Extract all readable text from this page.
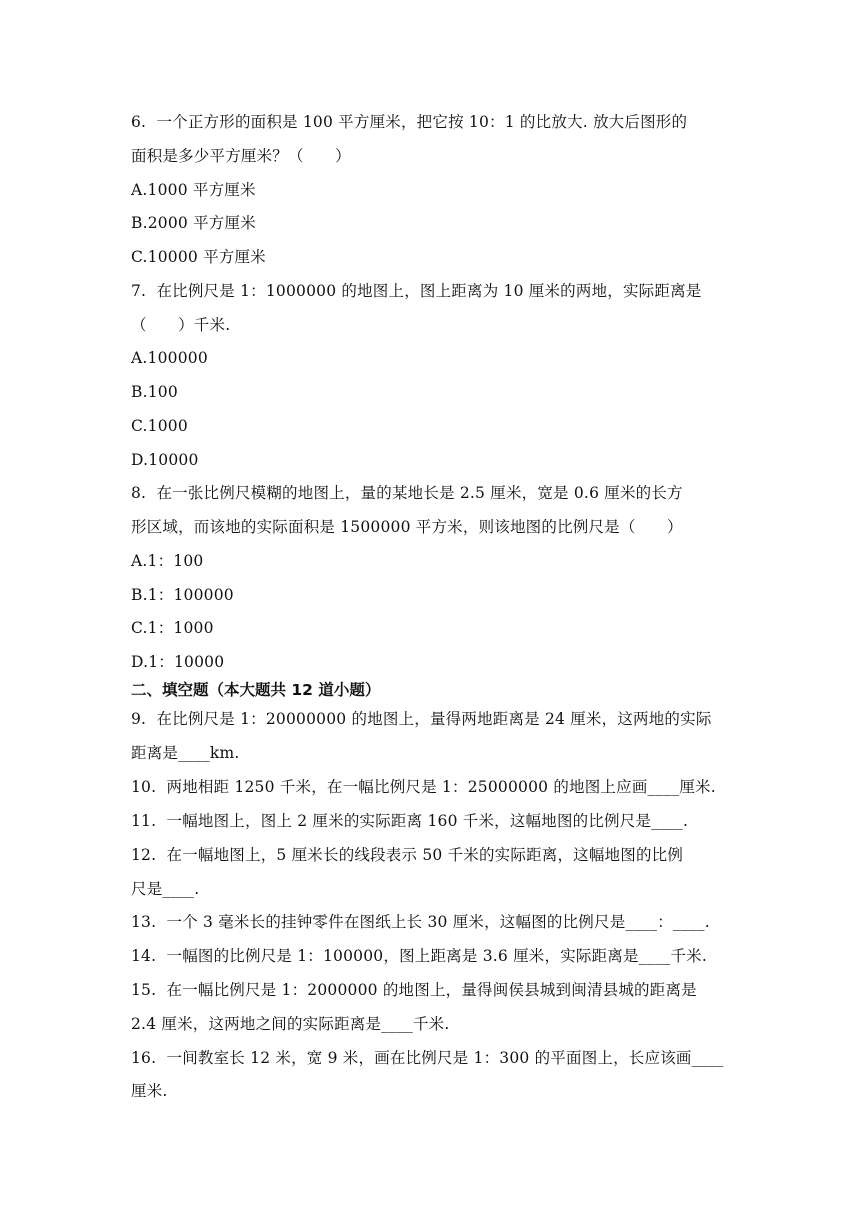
6.  一个正方形的面积是 100 平方厘米，把它按 10：1 的比放大. 放大后图形的
面积是多少平方厘米？（　　）
A.1000 平方厘米
B.2000 平方厘米
C.10000 平方厘米
7.  在比例尺是 1：1000000 的地图上，图上距离为 10 厘米的两地，实际距离是
（　　）千米.
A.100000
B.100
C.1000
D.10000
8.  在一张比例尺模糊的地图上，量的某地长是 2.5 厘米，宽是 0.6 厘米的长方
形区域，而该地的实际面积是 1500000 平方米，则该地图的比例尺是（　　）
A.1：100
B.1：100000
C.1：1000
D.1：10000
二、填空题（本大题共 12 道小题）
9.  在比例尺是 1：20000000 的地图上，量得两地距离是 24 厘米，这两地的实际
距离是____km.
10.  两地相距 1250 千米，在一幅比例尺是 1：25000000 的地图上应画____厘米.
11.  一幅地图上，图上 2 厘米的实际距离 160 千米，这幅地图的比例尺是____.
12.  在一幅地图上，5 厘米长的线段表示 50 千米的实际距离，这幅地图的比例
尺是____.
13.  一个 3 毫米长的挂钟零件在图纸上长 30 厘米，这幅图的比例尺是____：____.
14.  一幅图的比例尺是 1：100000，图上距离是 3.6 厘米，实际距离是____千米.
15.  在一幅比例尺是 1：2000000 的地图上，量得闽侯县城到闽清县城的距离是
2.4 厘米，这两地之间的实际距离是____千米.
16.  一间教室长 12 米，宽 9 米，画在比例尺是 1：300 的平面图上，长应该画____
厘米.
